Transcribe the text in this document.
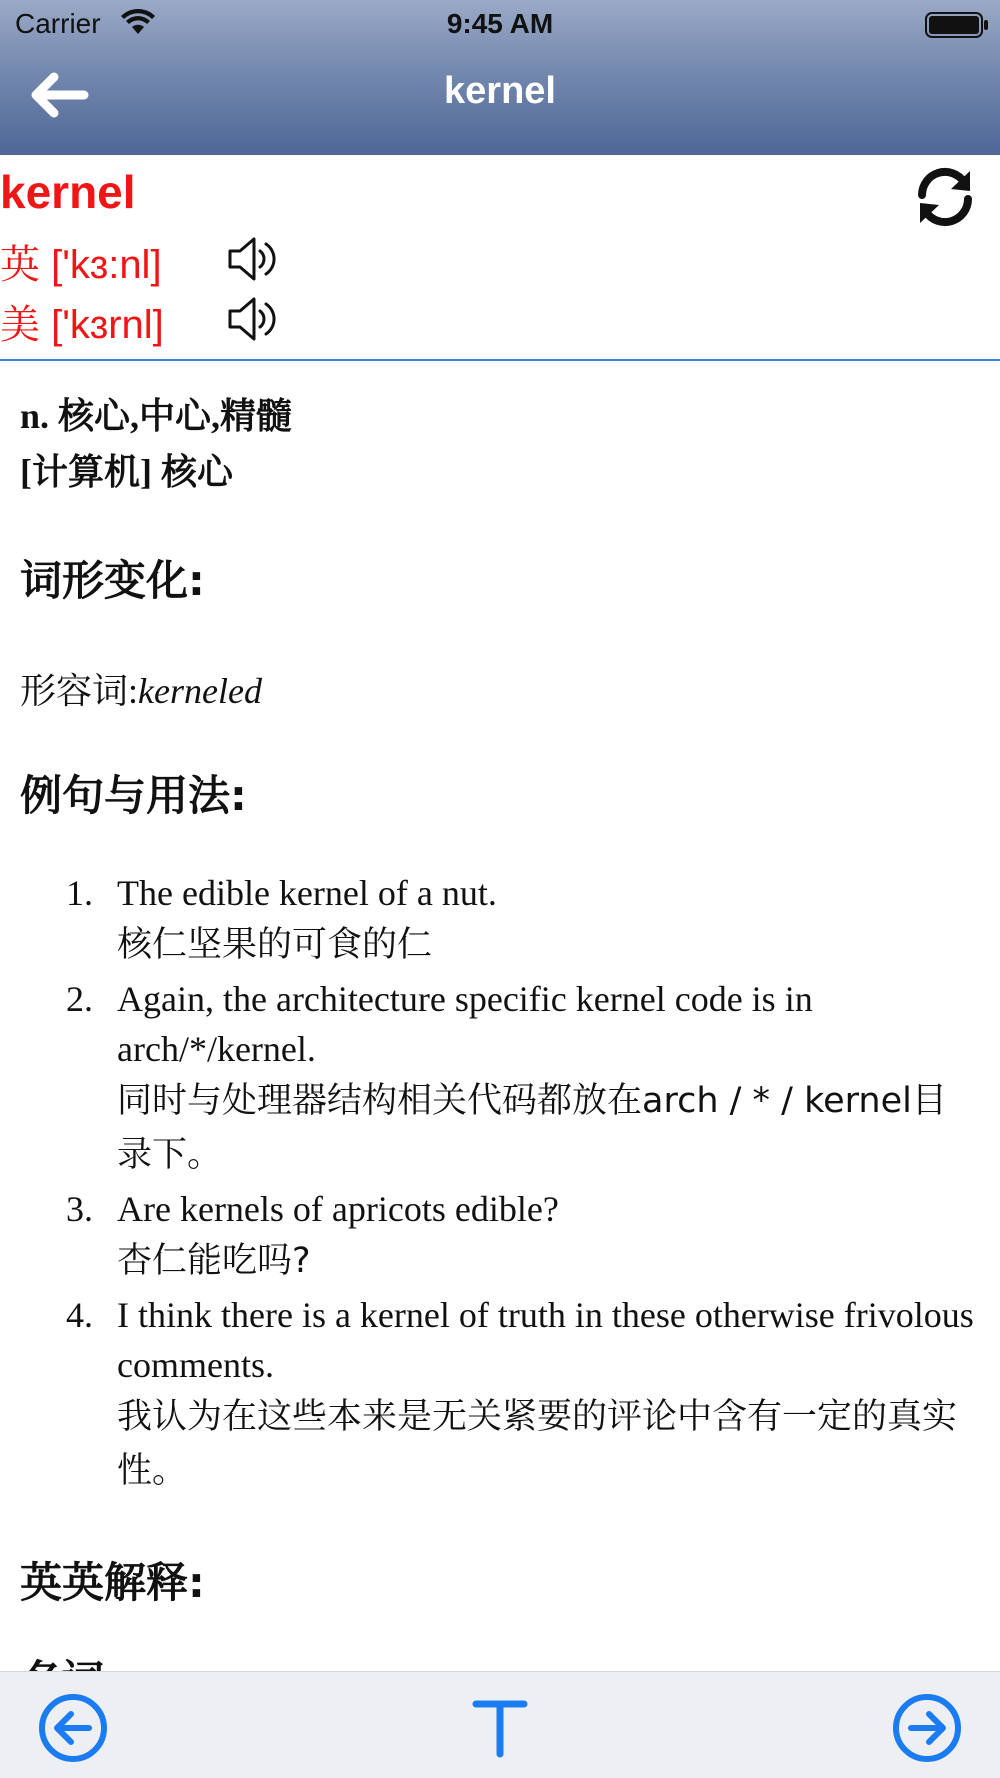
Carrier	9:45 AM
kernel
kernel
英 ['kɜ:nl]
美 ['kɜrnl]
n. 核心,中心,精髓
[计算机] 核心
词形变化:
形容词:kerneled
例句与用法:
1. The edible kernel of a nut.
核仁坚果的可食的仁
2. Again, the architecture specific kernel code is in arch/*/kernel.
同时与处理器结构相关代码都放在arch / * / kernel目录下。
3. Are kernels of apricots edible?
杏仁能吃吗?
4. I think there is a kernel of truth in these otherwise frivolous comments.
我认为在这些本来是无关紧要的评论中含有一定的真实性。
英英解释:
